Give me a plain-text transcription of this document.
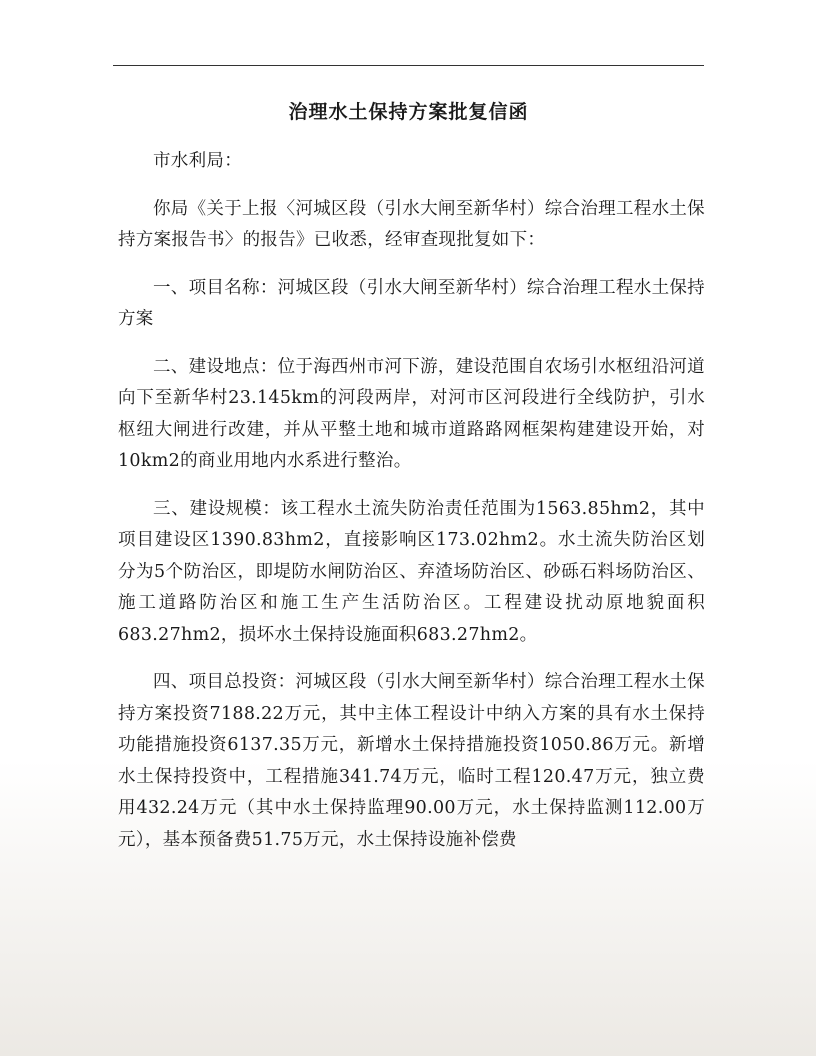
治理水土保持方案批复信函

市水利局：

你局《关于上报〈河城区段（引水大闸至新华村）综合治理工程水土保持方案报告书〉的报告》已收悉，经审查现批复如下：

一、项目名称：河城区段（引水大闸至新华村）综合治理工程水土保持方案

二、建设地点：位于海西州市河下游，建设范围自农场引水枢纽沿河道向下至新华村23.145km的河段两岸，对河市区河段进行全线防护，引水枢纽大闸进行改建，并从平整土地和城市道路路网框架构建建设开始，对10km2的商业用地内水系进行整治。

三、建设规模：该工程水土流失防治责任范围为1563.85hm2，其中项目建设区1390.83hm2，直接影响区173.02hm2。水土流失防治区划分为5个防治区，即堤防水闸防治区、弃渣场防治区、砂砾石料场防治区、施工道路防治区和施工生产生活防治区。工程建设扰动原地貌面积683.27hm2，损坏水土保持设施面积683.27hm2。

四、项目总投资：河城区段（引水大闸至新华村）综合治理工程水土保持方案投资7188.22万元，其中主体工程设计中纳入方案的具有水土保持功能措施投资6137.35万元，新增水土保持措施投资1050.86万元。新增水土保持投资中，工程措施341.74万元，临时工程120.47万元，独立费用432.24万元（其中水土保持监理90.00万元，水土保持监测112.00万元），基本预备费51.75万元，水土保持设施补偿费
